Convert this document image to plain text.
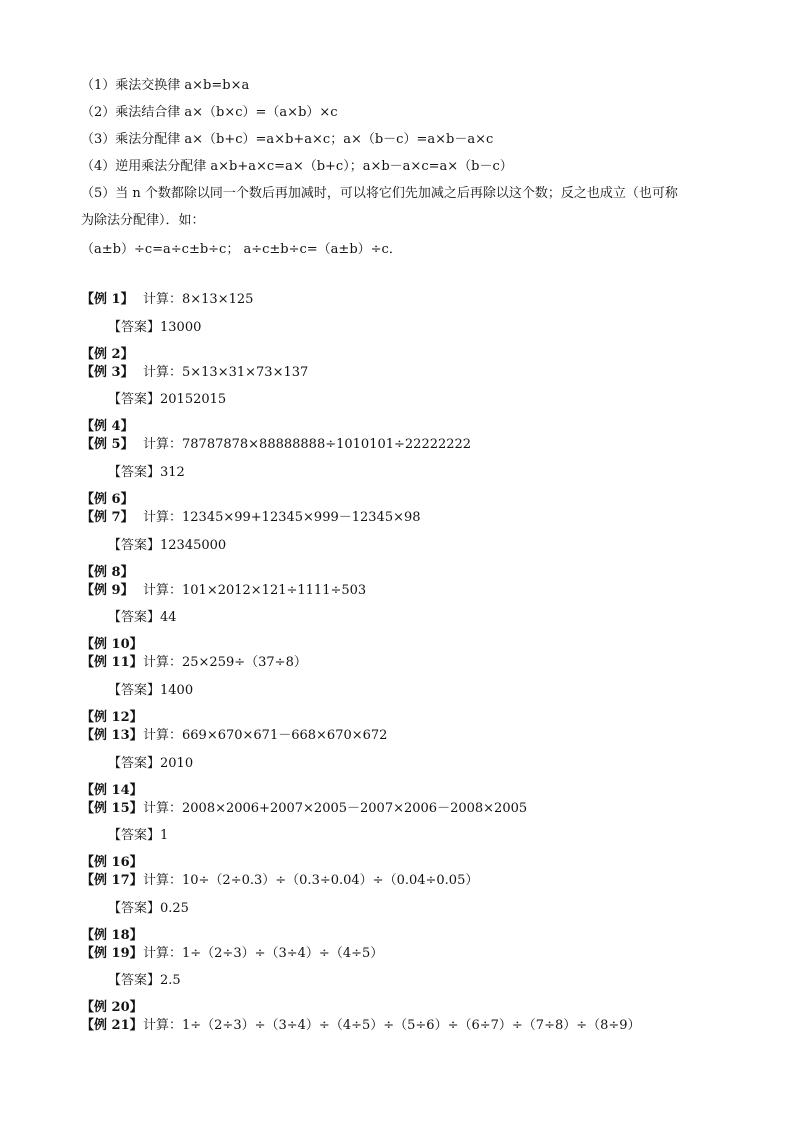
（1）乘法交换律 a×b=b×a

（2）乘法结合律 a×（b×c）=（a×b）×c

（3）乘法分配律 a×（b+c）=a×b+a×c；a×（b－c）=a×b－a×c

（4）逆用乘法分配律 a×b+a×c=a×（b+c）；a×b－a×c=a×（b－c）

（5）当 n 个数都除以同一个数后再加减时，可以将它们先加减之后再除以这个数；反之也成立（也可称

为除法分配律）．如：

（a±b）÷c=a÷c±b÷c； a÷c±b÷c=（a±b）÷c．

【例 1】 计算：8×13×125

【答案】13000

【例 2】

【例 3】 计算：5×13×31×73×137

【答案】20152015

【例 4】

【例 5】 计算：78787878×88888888÷1010101÷22222222

【答案】312

【例 6】

【例 7】 计算：12345×99+12345×999－12345×98

【答案】12345000

【例 8】

【例 9】 计算：101×2012×121÷1111÷503

【答案】44

【例 10】

【例 11】计算：25×259÷（37÷8）

【答案】1400

【例 12】

【例 13】计算：669×670×671－668×670×672

【答案】2010

【例 14】

【例 15】计算：2008×2006+2007×2005－2007×2006－2008×2005

【答案】1

【例 16】

【例 17】计算：10÷（2÷0.3）÷（0.3÷0.04）÷（0.04÷0.05）

【答案】0.25

【例 18】

【例 19】计算：1÷（2÷3）÷（3÷4）÷（4÷5）

【答案】2.5

【例 20】

【例 21】计算：1÷（2÷3）÷（3÷4）÷（4÷5）÷（5÷6）÷（6÷7）÷（7÷8）÷（8÷9）
